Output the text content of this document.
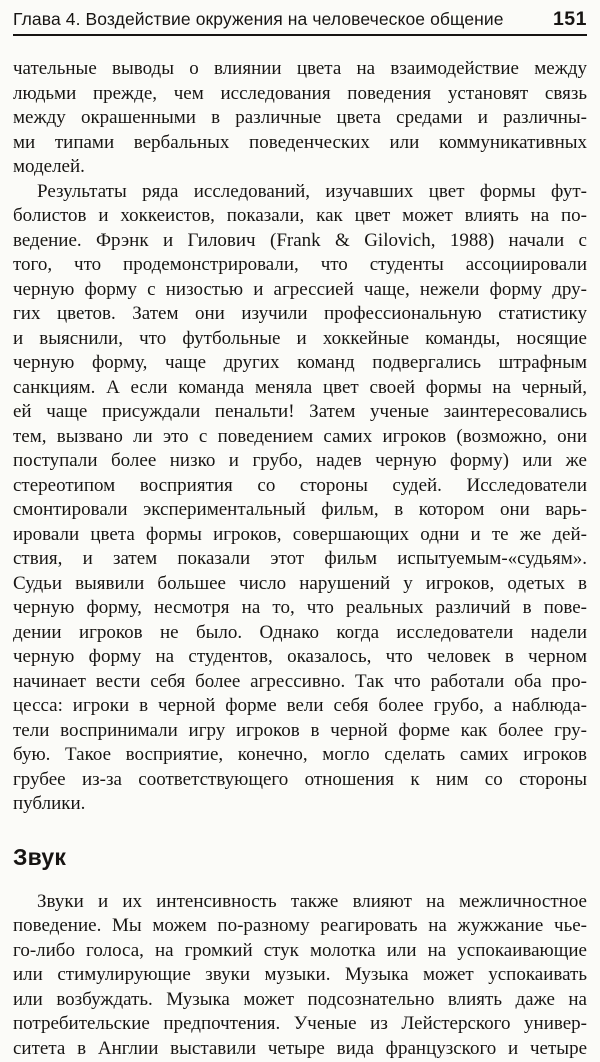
Глава 4. Воздействие окружения на человеческое общение	151

чательные выводы о влиянии цвета на взаимодействие между
людьми прежде, чем исследования поведения установят связь
между окрашенными в различные цвета средами и различны-
ми типами вербальных поведенческих или коммуникативных
моделей.

Результаты ряда исследований, изучавших цвет формы фут-
болистов и хоккеистов, показали, как цвет может влиять на по-
ведение. Фрэнк и Гилович (Frank & Gilovich, 1988) начали с
того, что продемонстрировали, что студенты ассоциировали
черную форму с низостью и агрессией чаще, нежели форму дру-
гих цветов. Затем они изучили профессиональную статистику
и выяснили, что футбольные и хоккейные команды, носящие
черную форму, чаще других команд подвергались штрафным
санкциям. А если команда меняла цвет своей формы на черный,
ей чаще присуждали пенальти! Затем ученые заинтересовались
тем, вызвано ли это с поведением самих игроков (возможно, они
поступали более низко и грубо, надев черную форму) или же
стереотипом восприятия со стороны судей. Исследователи
смонтировали экспериментальный фильм, в котором они варь-
ировали цвета формы игроков, совершающих одни и те же дей-
ствия, и затем показали этот фильм испытуемым-«судьям».
Судьи выявили большее число нарушений у игроков, одетых в
черную форму, несмотря на то, что реальных различий в пове-
дении игроков не было. Однако когда исследователи надели
черную форму на студентов, оказалось, что человек в черном
начинает вести себя более агрессивно. Так что работали оба про-
цесса: игроки в черной форме вели себя более грубо, а наблюда-
тели воспринимали игру игроков в черной форме как более гру-
бую. Такое восприятие, конечно, могло сделать самих игроков
грубее из-за соответствующего отношения к ним со стороны
публики.

Звук

Звуки и их интенсивность также влияют на межличностное
поведение. Мы можем по-разному реагировать на жужжание чье-
го-либо голоса, на громкий стук молотка или на успокаивающие
или стимулирующие звуки музыки. Музыка может успокаивать
или возбуждать. Музыка может подсознательно влиять даже на
потребительские предпочтения. Ученые из Лейстерского универ-
ситета в Англии выставили четыре вида французского и четыре
